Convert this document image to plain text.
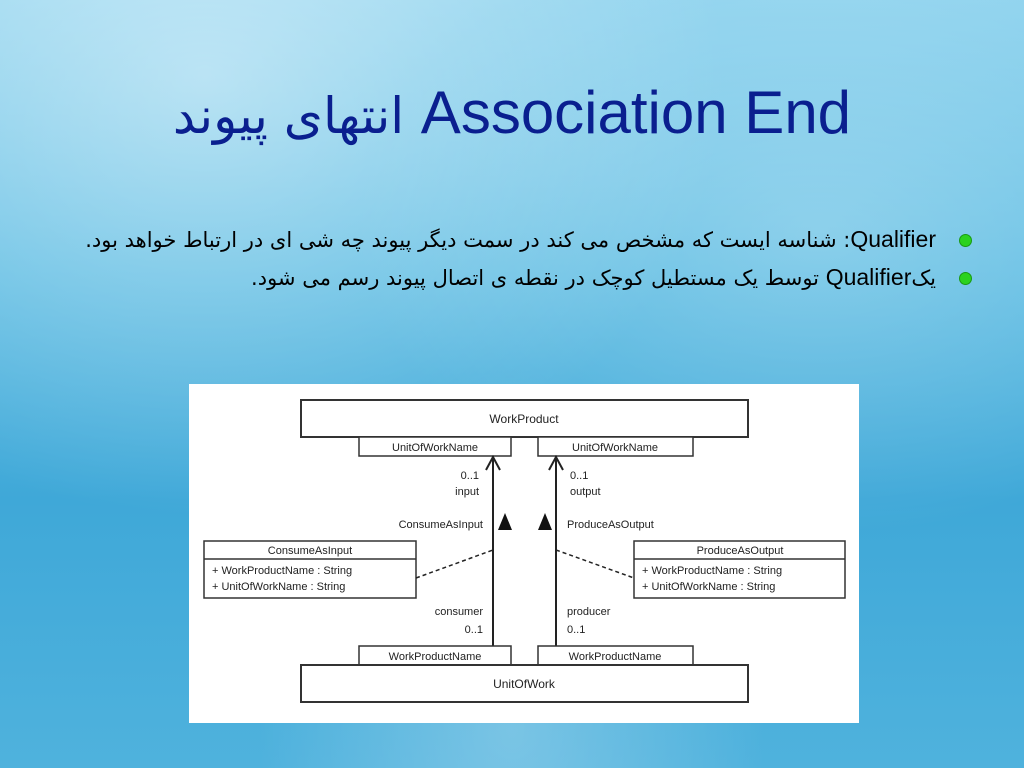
انتهای پیوند Association End
Qualifier: شناسه ایست که مشخص می کند در سمت دیگر پیوند چه شی ای در ارتباط خواهد بود.
یکQualifier توسط یک مستطیل کوچک در نقطه ی اتصال پیوند رسم می شود.
WorkProduct
UnitOfWorkName	UnitOfWorkName
0..1
input
0..1
output
ConsumeAsInput	ProduceAsOutput
ConsumeAsInput
+ WorkProductName : String
+ UnitOfWorkName : String
ProduceAsOutput
+ WorkProductName : String
+ UnitOfWorkName : String
consumer
0..1
producer
0..1
WorkProductName	WorkProductName
UnitOfWork
